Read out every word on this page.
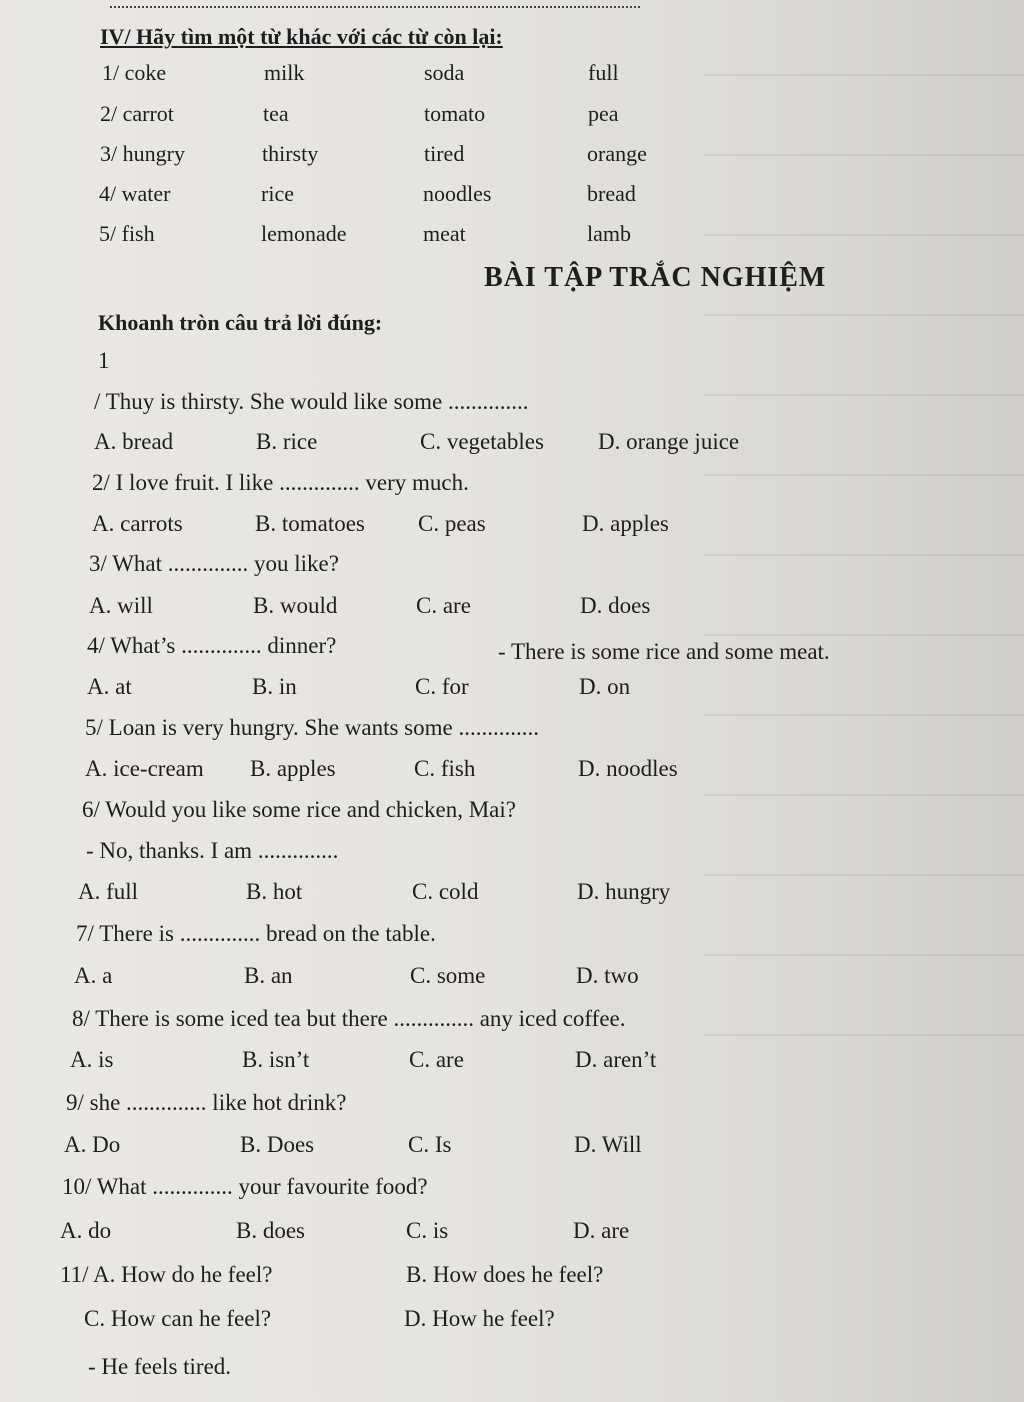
IV/ Hãy tìm một từ khác với các từ còn lại:
1/ coke	milk	soda	full
2/ carrot	tea	tomato	pea
3/ hungry	thirsty	tired	orange
4/ water	rice	noodles	bread
5/ fish	lemonade	meat	lamb
BÀI TẬP TRẮC NGHIỆM
Khoanh tròn câu trả lời đúng:
1
/ Thuy is thirsty. She would like some ..............
A. bread	B. rice	C. vegetables D. orange juice
2/ I love fruit. I like .............. very much.
A. carrots	B. tomatoes C. peas	D. apples
3/ What .............. you like?
A. will	B. would	C. are	D. does
4/ What’s .............. dinner?	- There is some rice and some meat.
A. at	B. in	C. for	D. on
5/ Loan is very hungry. She wants some ..............
A. ice-cream B. apples	C. fish	D. noodles
6/ Would you like some rice and chicken, Mai?
- No, thanks. I am ..............
A. full	B. hot	C. cold	D. hungry
7/ There is .............. bread on the table.
A. a	B. an	C. some	D. two
8/ There is some iced tea but there .............. any iced coffee.
A. is	B. isn’t	C. are	D. aren’t
9/ she .............. like hot drink?
A. Do	B. Does	C. Is	D. Will
10/ What .............. your favourite food?
A. do	B. does	C. is	D. are
11/ A. How do he feel?	B. How does he feel?
C. How can he feel?	D. How he feel?
- He feels tired.
